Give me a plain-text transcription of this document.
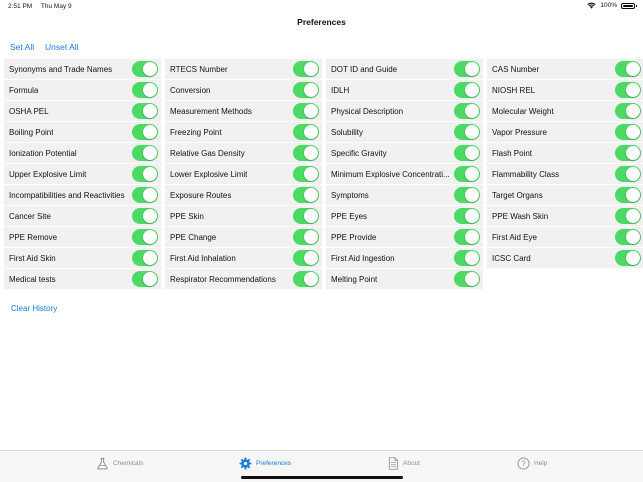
2:51 PM Thu May 9	100%
Preferences
Set All Unset All
Synonyms and Trade Names	RTECS Number	DOT ID and Guide	CAS Number
Formula	Conversion	IDLH	NIOSH REL
OSHA PEL	Measurement Methods	Physical Description	Molecular Weight
Boiling Point	Freezing Point	Solubility	Vapor Pressure
Ionization Potential	Relative Gas Density	Specific Gravity	Flash Point
Upper Explosive Limit	Lower Explosive Limit	Minimum Explosive Concentrati...	Flammability Class
Incompatibilities and Reactivities	Exposure Routes	Symptoms	Target Organs
Cancer Site	PPE Skin	PPE Eyes	PPE Wash Skin
PPE Remove	PPE Change	PPE Provide	First Aid Eye
First Aid Skin	First Aid Inhalation	First Aid Ingestion	ICSC Card
Medical tests	Respirator Recommendations	Melting Point
Clear History
Chemicals	Preferences	About	? Help
